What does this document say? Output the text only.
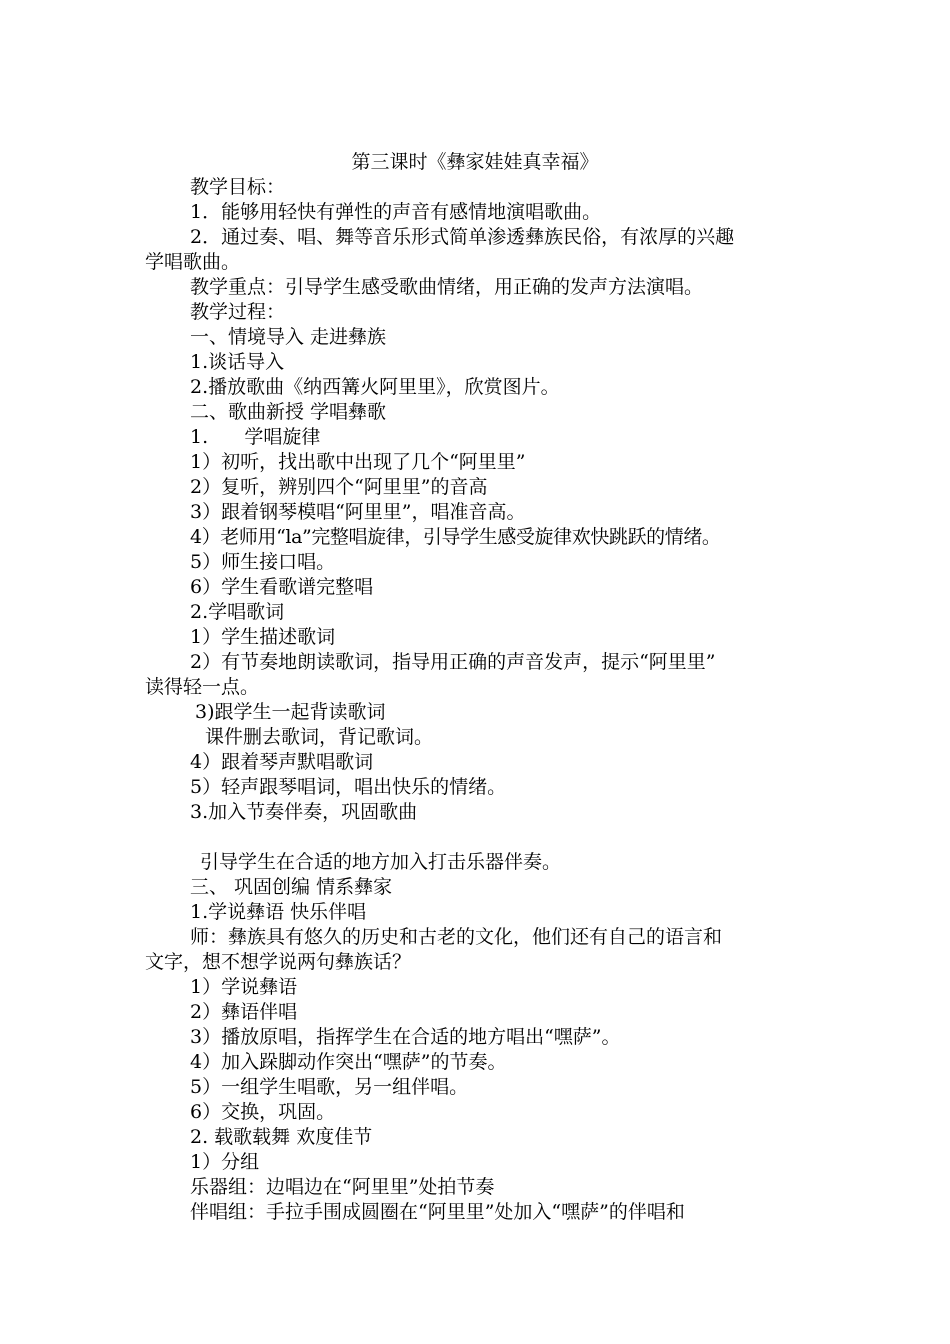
第三课时《彝家娃娃真幸福》
教学目标：
1．能够用轻快有弹性的声音有感情地演唱歌曲。
2．通过奏、唱、舞等音乐形式简单渗透彝族民俗，有浓厚的兴趣
学唱歌曲。
教学重点：引导学生感受歌曲情绪，用正确的发声方法演唱。
教学过程：
一、情境导入 走进彝族
1.谈话导入
2.播放歌曲《纳西篝火阿里里》，欣赏图片。
二、歌曲新授 学唱彝歌
1.      学唱旋律
1）初听，找出歌中出现了几个“阿里里”
2）复听，辨别四个“阿里里”的音高
3）跟着钢琴模唱“阿里里”，唱准音高。
4）老师用“la”完整唱旋律，引导学生感受旋律欢快跳跃的情绪。
5）师生接口唱。
6）学生看歌谱完整唱
2.学唱歌词
1）学生描述歌词
2）有节奏地朗读歌词，指导用正确的声音发声，提示“阿里里”
读得轻一点。
3)跟学生一起背读歌词
课件删去歌词，背记歌词。
4）跟着琴声默唱歌词
5）轻声跟琴唱词，唱出快乐的情绪。
3.加入节奏伴奏，巩固歌曲
引导学生在合适的地方加入打击乐器伴奏。
三、 巩固创编 情系彝家
1.学说彝语 快乐伴唱
师：彝族具有悠久的历史和古老的文化，他们还有自己的语言和
文字，想不想学说两句彝族话？
1）学说彝语
2）彝语伴唱
3）播放原唱，指挥学生在合适的地方唱出“嘿萨”。
4）加入跺脚动作突出“嘿萨”的节奏。
5）一组学生唱歌，另一组伴唱。
6）交换，巩固。
2. 载歌载舞 欢度佳节
1）分组
乐器组：边唱边在“阿里里”处拍节奏
伴唱组：手拉手围成圆圈在“阿里里”处加入“嘿萨”的伴唱和
